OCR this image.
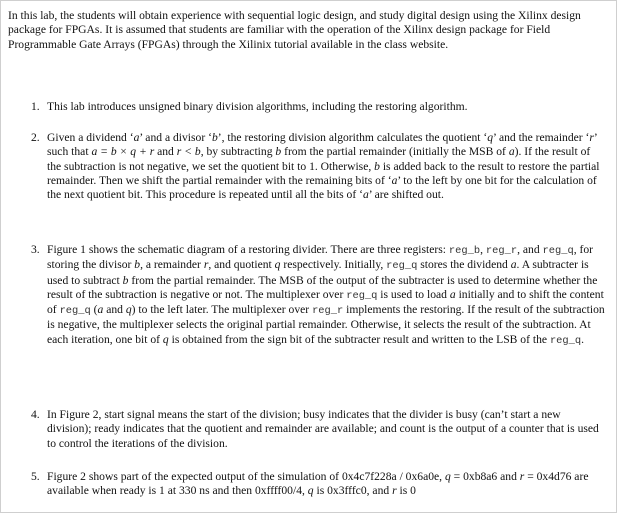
In this lab, the students will obtain experience with sequential logic design, and study digital design using the Xilinx design package for FPGAs. It is assumed that students are familiar with the operation of the Xilinx design package for Field Programmable Gate Arrays (FPGAs) through the Xilinix tutorial available in the class website.

1. This lab introduces unsigned binary division algorithms, including the restoring algorithm.
2. Given a dividend ‘a’ and a divisor ‘b’, the restoring division algorithm calculates the quotient ‘q’ and the remainder ‘r’ such that a = b × q + r and r < b, by subtracting b from the partial remainder (initially the MSB of a). If the result of the subtraction is not negative, we set the quotient bit to 1. Otherwise, b is added back to the result to restore the partial remainder. Then we shift the partial remainder with the remaining bits of ‘a’ to the left by one bit for the calculation of the next quotient bit. This procedure is repeated until all the bits of ‘a’ are shifted out.
3. Figure 1 shows the schematic diagram of a restoring divider. There are three registers: reg_b, reg_r, and reg_q, for storing the divisor b, a remainder r, and quotient q respectively. Initially, reg_q stores the dividend a. A subtracter is used to subtract b from the partial remainder. The MSB of the output of the subtracter is used to determine whether the result of the subtraction is negative or not. The multiplexer over reg_q is used to load a initially and to shift the content of reg_q (a and q) to the left later. The multiplexer over reg_r implements the restoring. If the result of the subtraction is negative, the multiplexer selects the original partial remainder. Otherwise, it selects the result of the subtraction. At each iteration, one bit of q is obtained from the sign bit of the subtracter result and written to the LSB of the reg_q.
4. In Figure 2, start signal means the start of the division; busy indicates that the divider is busy (can’t start a new division); ready indicates that the quotient and remainder are available; and count is the output of a counter that is used to control the iterations of the division.
5. Figure 2 shows part of the expected output of the simulation of 0x4c7f228a / 0x6a0e, q = 0xb8a6 and r = 0x4d76 are available when ready is 1 at 330 ns and then 0xffff00/4, q is 0x3fffc0, and r is 0
